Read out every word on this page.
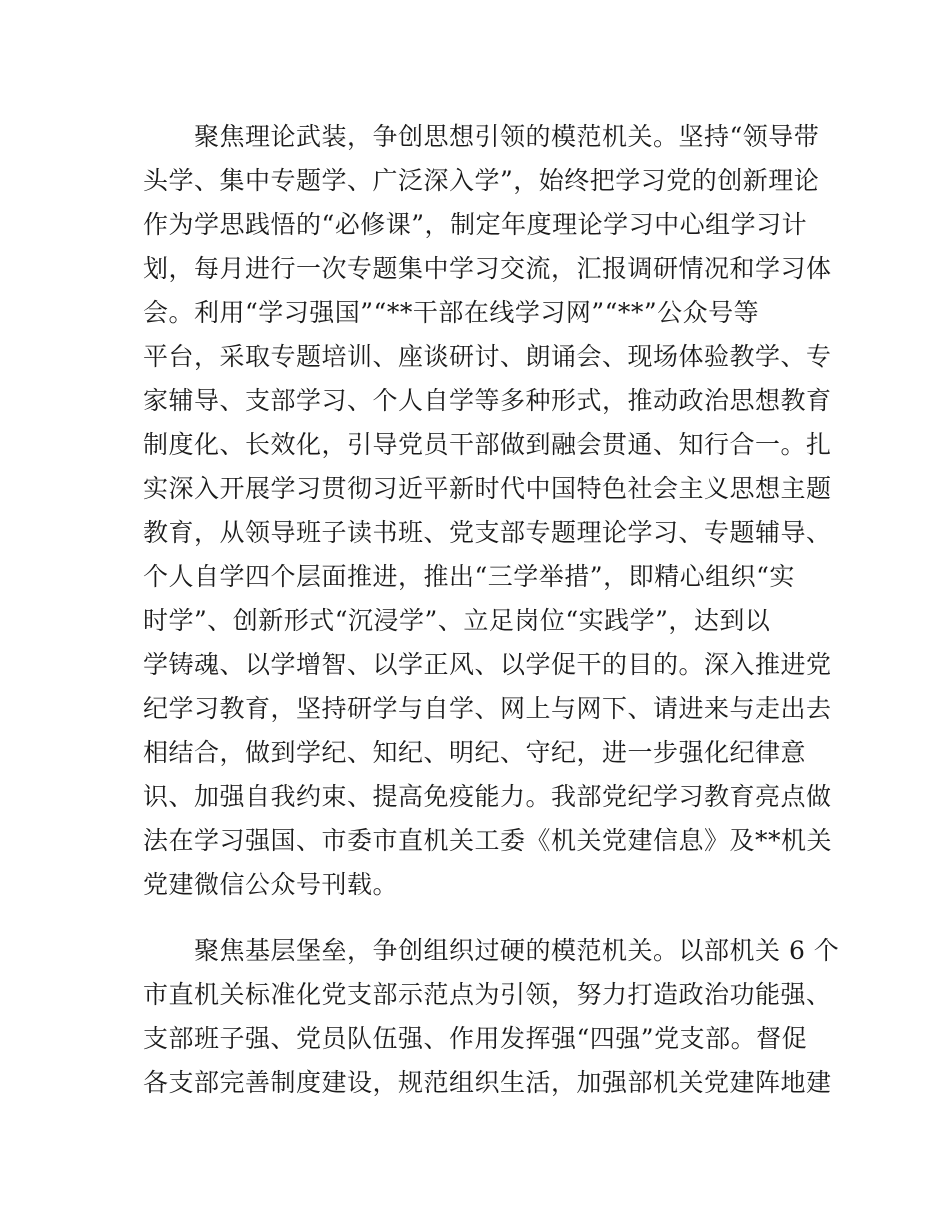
　　聚焦理论武装，争创思想引领的模范机关。坚持“领导带
头学、集中专题学、广泛深入学”，始终把学习党的创新理论
作为学思践悟的“必修课”，制定年度理论学习中心组学习计
划，每月进行一次专题集中学习交流，汇报调研情况和学习体
会。利用“学习强国”“**干部在线学习网”“**”公众号等
平台，采取专题培训、座谈研讨、朗诵会、现场体验教学、专
家辅导、支部学习、个人自学等多种形式，推动政治思想教育
制度化、长效化，引导党员干部做到融会贯通、知行合一。扎
实深入开展学习贯彻习近平新时代中国特色社会主义思想主题
教育，从领导班子读书班、党支部专题理论学习、专题辅导、
个人自学四个层面推进，推出“三学举措”，即精心组织“实
时学”、创新形式“沉浸学”、立足岗位“实践学”，达到以
学铸魂、以学增智、以学正风、以学促干的目的。深入推进党
纪学习教育，坚持研学与自学、网上与网下、请进来与走出去
相结合，做到学纪、知纪、明纪、守纪，进一步强化纪律意
识、加强自我约束、提高免疫能力。我部党纪学习教育亮点做
法在学习强国、市委市直机关工委《机关党建信息》及**机关
党建微信公众号刊载。

　　聚焦基层堡垒，争创组织过硬的模范机关。以部机关 6 个
市直机关标准化党支部示范点为引领，努力打造政治功能强、
支部班子强、党员队伍强、作用发挥强“四强”党支部。督促
各支部完善制度建设，规范组织生活，加强部机关党建阵地建
